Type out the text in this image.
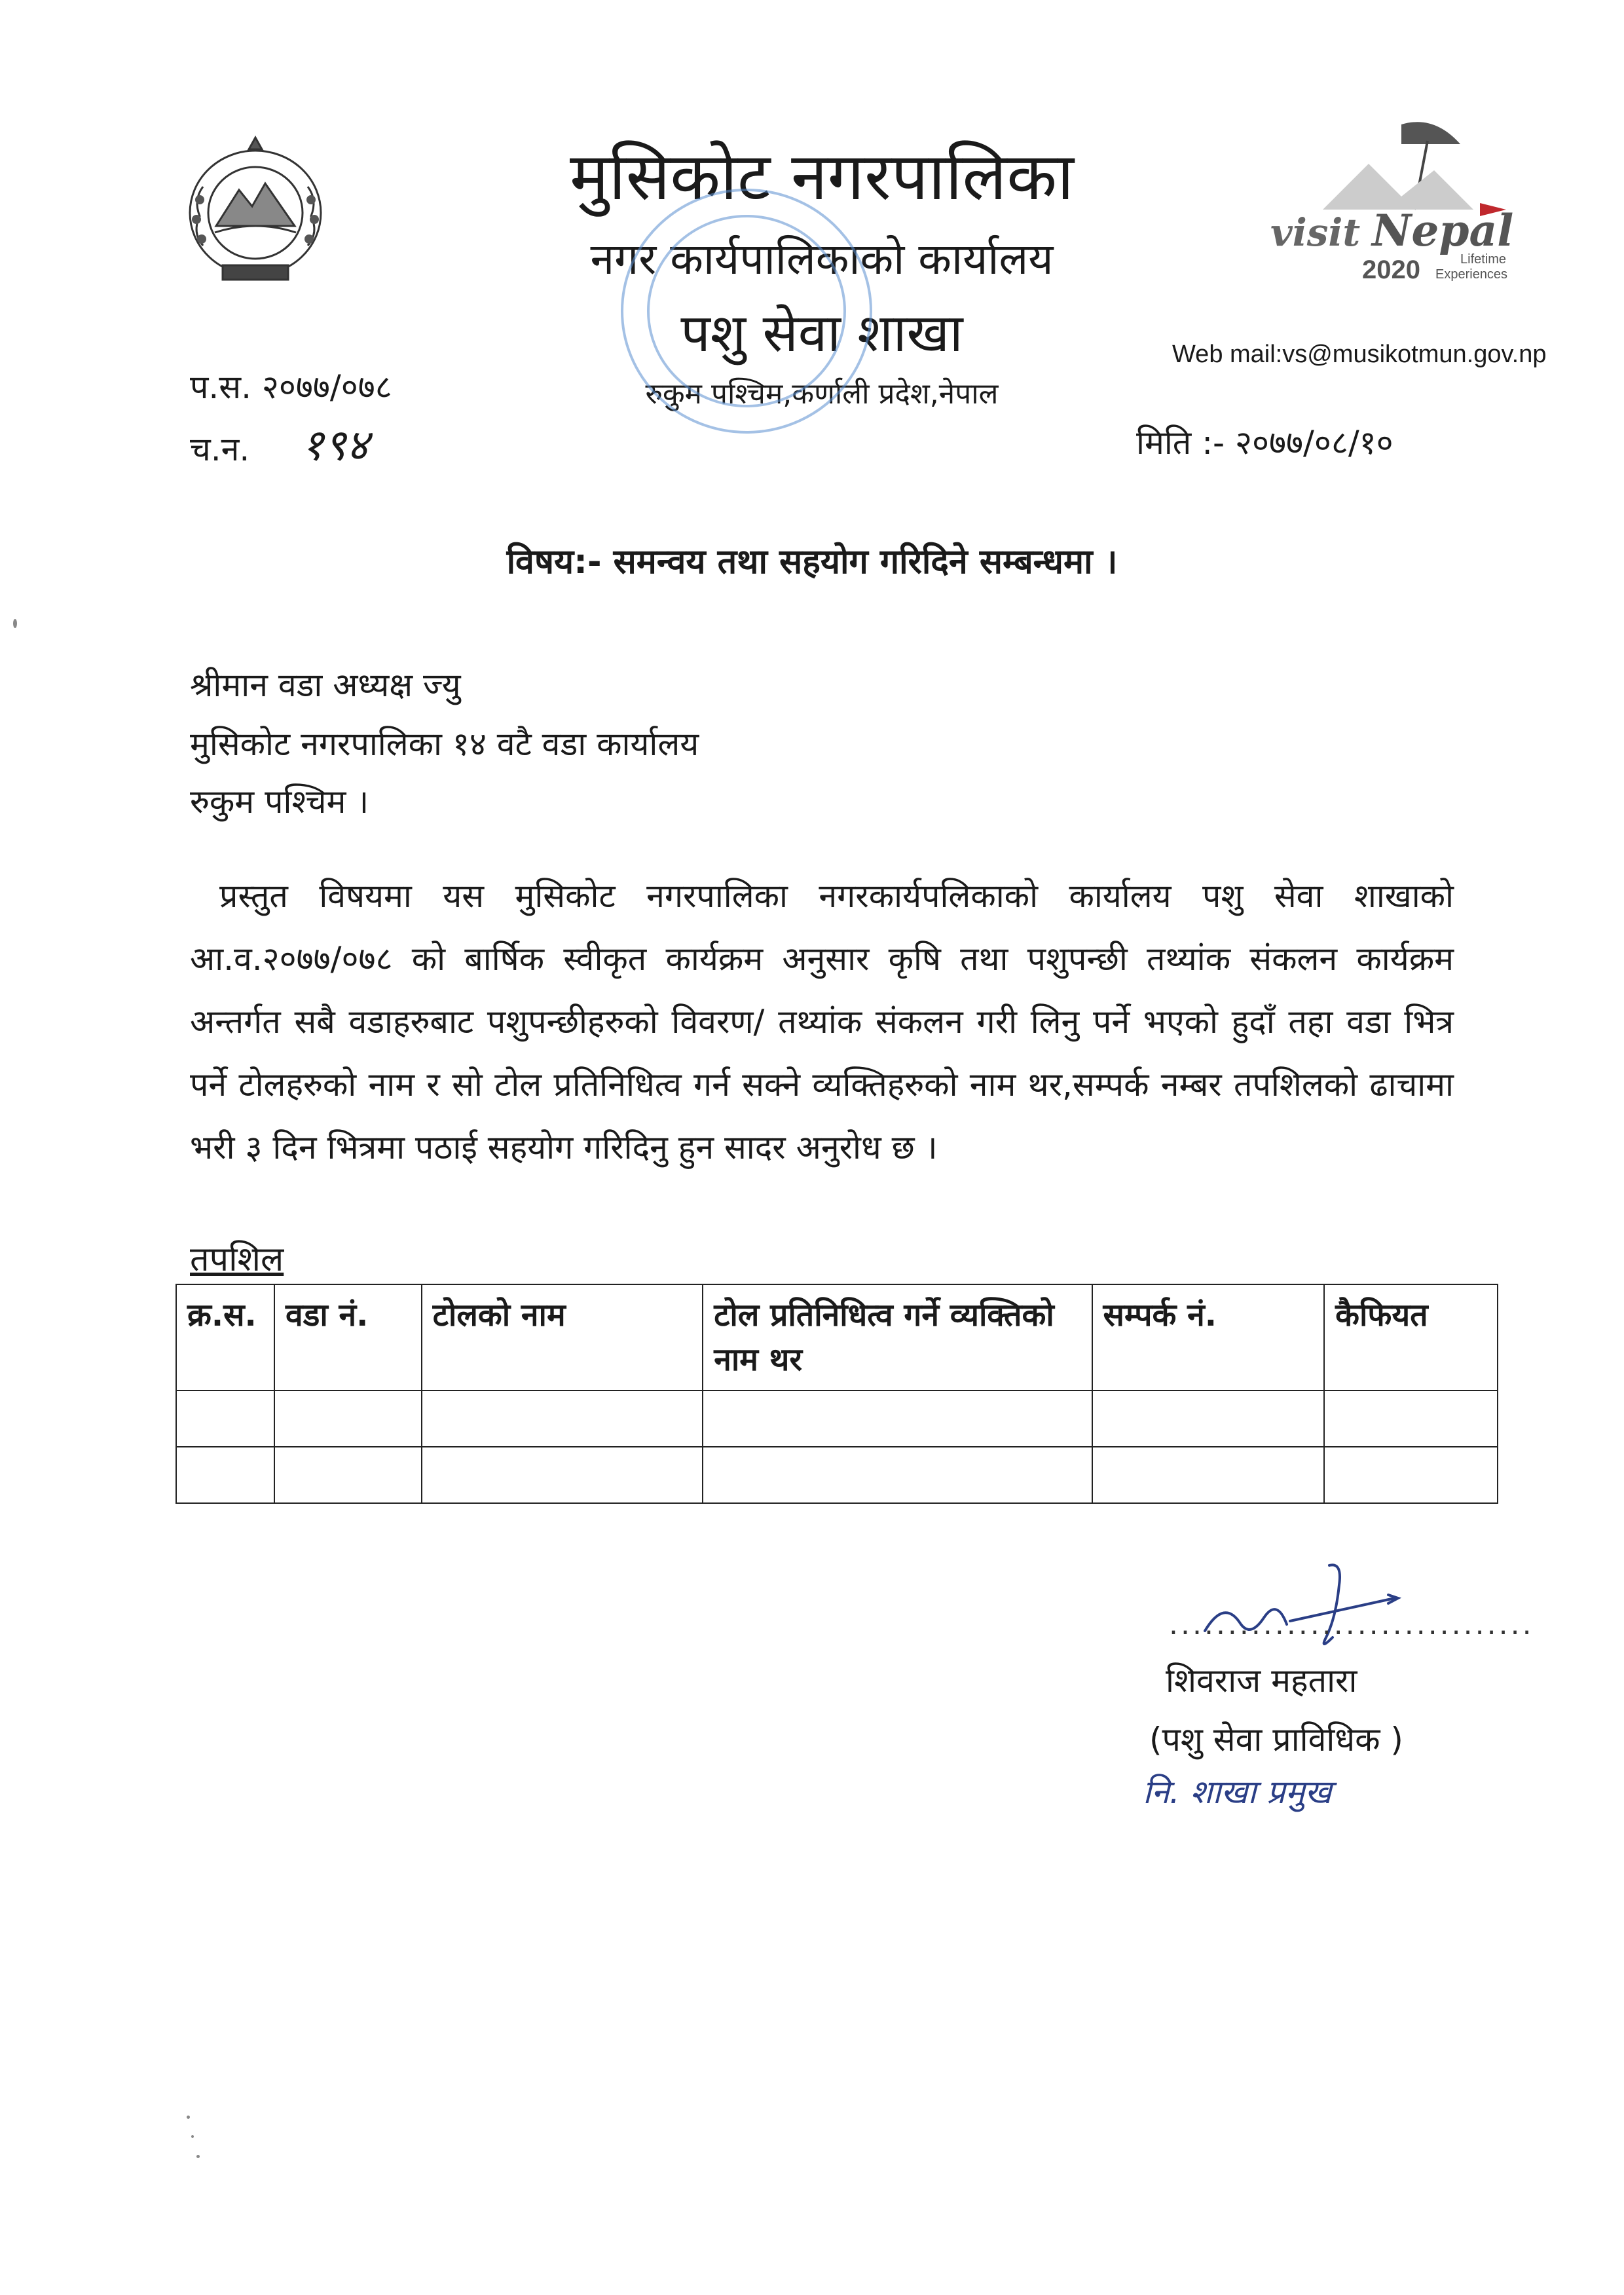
मुसिकोट नगरपालिका
नगर कार्यपालिकाको कार्यालय
पशु सेवा शाखा
रुकुम पश्चिम,कर्णाली प्रदेश,नेपाल
visit Nepal
2020	Lifetime
Experiences
Web mail:vs@musikotmun.gov.np
प.स. २०७७/०७८
च.न. १९४	मिति :- २०७७/०८/१०
विषय:- समन्वय तथा सहयोग गरिदिने सम्बन्धमा ।
श्रीमान वडा अध्यक्ष ज्यु
मुसिकोट नगरपालिका १४ वटै वडा कार्यालय
रुकुम पश्चिम ।
प्रस्तुत विषयमा यस मुसिकोट नगरपालिका नगरकार्यपलिकाको कार्यालय पशु सेवा शाखाको आ.व.२०७७/०७८ को बार्षिक स्वीकृत कार्यक्रम अनुसार कृषि तथा पशुपन्छी तथ्यांक संकलन कार्यक्रम अन्तर्गत सबै वडाहरुबाट पशुपन्छीहरुको विवरण/ तथ्यांक संकलन गरी लिनु पर्ने भएको हुदाँ तहा वडा भित्र पर्ने टोलहरुको नाम र सो टोल प्रतिनिधित्व गर्न सक्ने व्यक्तिहरुको नाम थर,सम्पर्क नम्बर तपशिलको ढाचामा भरी ३ दिन भित्रमा पठाई सहयोग गरिदिनु हुन सादर अनुरोध छ ।
तपशिल
क्र.स.	वडा नं.	टोलको नाम	टोल प्रतिनिधित्व गर्ने व्यक्तिको नाम थर	सम्पर्क नं.	कैफियत

...............................
शिवराज महतारा
(पशु सेवा प्राविधिक )
नि. शाखा प्रमुख
